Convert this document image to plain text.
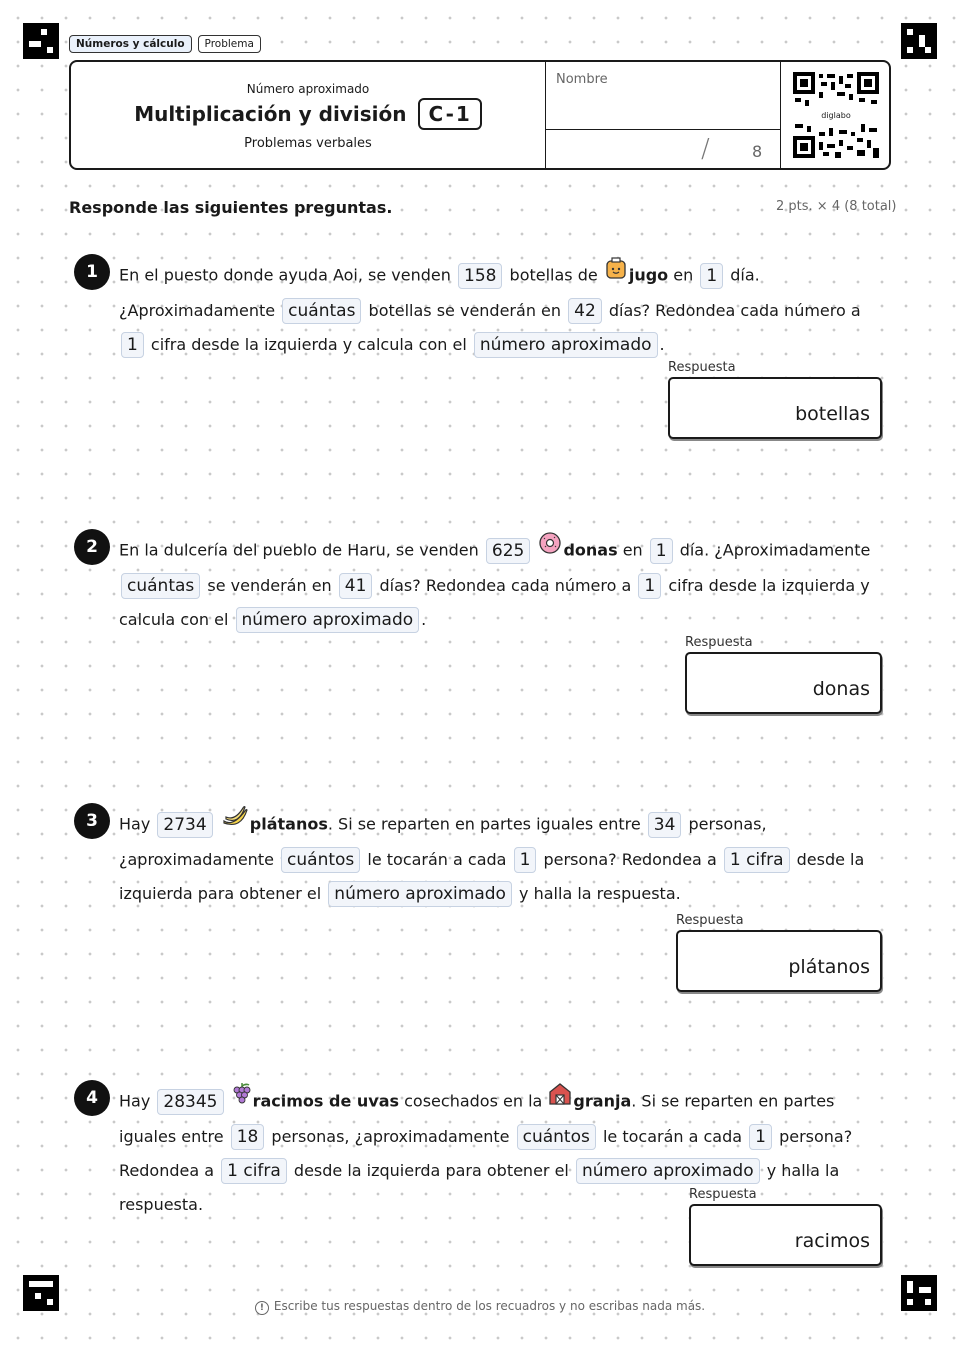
Números y cálculo	Problema
Número aproximado
Multiplicación y división	C-1
Problemas verbales
Nombre
/	8
diglabo
Responde las siguientes preguntas.	2 pts. × 4 (8 total)
1	En el puesto donde ayuda Aoi, se venden 158 botellas de jugo en 1 día. ¿Aproximadamente cuántas botellas se venderán en 42 días? Redondea cada número a 1 cifra desde la izquierda y calcula con el número aproximado .
Respuesta
botellas
2	En la dulcería del pueblo de Haru, se venden 625 donas en 1 día. ¿Aproximadamente cuántas se venderán en 41 días? Redondea cada número a 1 cifra desde la izquierda y calcula con el número aproximado .
Respuesta
donas
3	Hay 2734	plátanos. Si se reparten en partes iguales entre 34 personas, ¿aproximadamente cuántos le tocarán a cada 1 persona? Redondea a 1 cifra desde la izquierda para obtener el número aproximado y halla la respuesta.
Respuesta
plátanos
4	Hay 28345 racimos de uvas cosechados en la granja. Si se reparten en partes iguales entre 18 personas, ¿aproximadamente cuántos le tocarán a cada 1 persona? Redondea a 1 cifra desde la izquierda para obtener el número aproximado y halla la respuesta.
Respuesta
racimos
! Escribe tus respuestas dentro de los recuadros y no escribas nada más.
